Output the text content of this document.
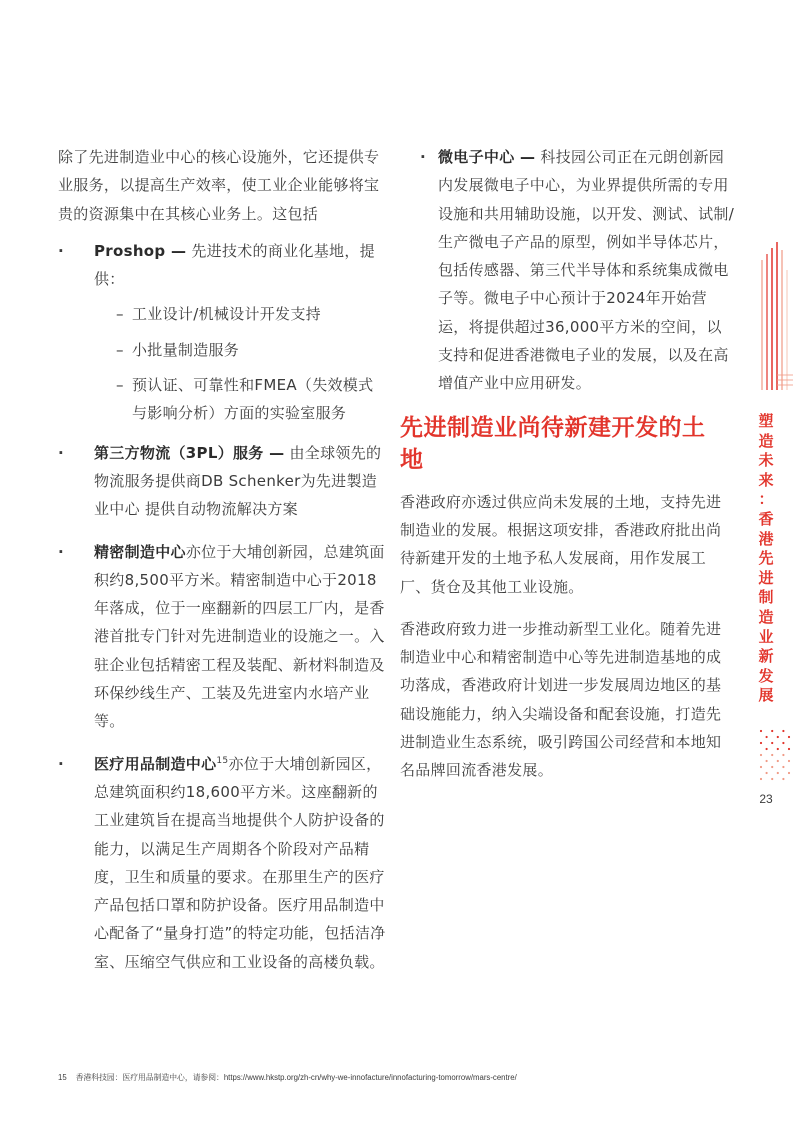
除了先进制造业中心的核心设施外，它还提供专业服务，以提高生产效率，使工业企业能够将宝贵的资源集中在其核心业务上。这包括

· Proshop — 先进技术的商业化基地，提供：
– 工业设计/机械设计开发支持
– 小批量制造服务
– 预认证、可靠性和FMEA（失效模式与影响分析）方面的实验室服务
· 第三方物流（3PL）服务 — 由全球领先的物流服务提供商DB Schenker为先进製造业中心 提供自动物流解决方案
· 精密制造中心亦位于大埔创新园，总建筑面积约8,500平方米。精密制造中心于2018年落成，位于一座翻新的四层工厂内，是香港首批专门针对先进制造业的设施之一。入驻企业包括精密工程及装配、新材料制造及环保纱线生产、工装及先进室内水培产业等。
· 医疗用品制造中心$^{15}$亦位于大埔创新园区，总建筑面积约18,600平方米。这座翻新的工业建筑旨在提高当地提供个人防护设备的能力，以满足生产周期各个阶段对产品精度，卫生和质量的要求。在那里生产的医疗产品包括口罩和防护设备。医疗用品制造中心配备了“量身打造”的特定功能，包括洁净室、压缩空气供应和工业设备的高楼负载。
· 微电子中心 — 科技园公司正在元朗创新园内发展微电子中心，为业界提供所需的专用设施和共用辅助设施，以开发、测试、试制/生产微电子产品的原型，例如半导体芯片，包括传感器、第三代半导体和系统集成微电子等。微电子中心预计于2024年开始营运，将提供超过36,000平方米的空间，以支持和促进香港微电子业的发展，以及在高增值产业中应用研发。
先进制造业尚待新建开发的土地

香港政府亦透过供应尚未发展的土地，支持先进制造业的发展。根据这项安排，香港政府批出尚待新建开发的土地予私人发展商，用作发展工厂、货仓及其他工业设施。

香港政府致力进一步推动新型工业化。随着先进制造业中心和精密制造中心等先进制造基地的成功落成，香港政府计划进一步发展周边地区的基础设施能力，纳入尖端设备和配套设施，打造先进制造业生态系统，吸引跨国公司经营和本地知名品牌回流香港发展。

塑
造
未
来
：
香
港
先
进
制
造
业
新
发
展
23
15 香港科技园：医疗用品制造中心，请参阅：https://www.hkstp.org/zh-cn/why-we-innofacture/innofacturing-tomorrow/mars-centre/
